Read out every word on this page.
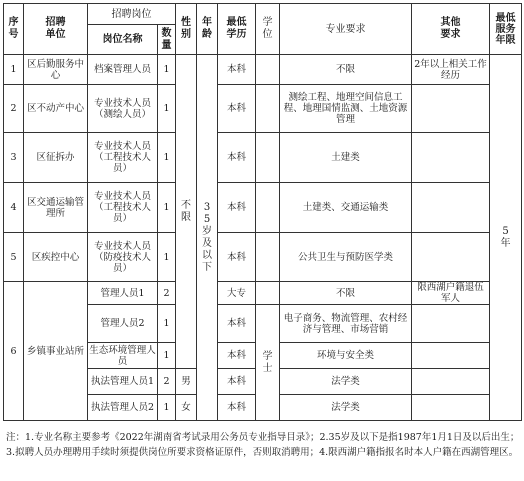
序号	招聘单位	招聘岗位		性别	年龄	最低学历	学位	专业要求	其他要求	最低服务年限

		岗位名称	数量							

1	区后勤服务中心	档案管理人员	1	不限	35岁及以下	本科		不限	2年以上相关工作经历	5年

2	区不动产中心	专业技术人员（测绘人员）	1			本科		测绘工程、地理空间信息工程、地理国情监测、土地资源管理		
3	区征拆办	专业技术人员（工程技术人员）	1			本科		土建类		
4	区交通运输管理所	专业技术人员（工程技术人员）	1			本科		土建类、交通运输类		
5	区疾控中心	专业技术人员（防疫技术人员）	1			本科		公共卫生与预防医学类		
6	乡镇事业站所	管理人员1	2			大专		不限	限西湖户籍退伍军人	
		管理人员2	1			本科	学士	电子商务、物流管理、农村经济与管理、市场营销		
		生态环境管理人员	1			本科		环境与安全类		
		执法管理人员1	2	男		本科		法学类		
		执法管理人员2	1	女		本科		法学类		
注：1.专业名称主要参考《2022年湖南省考试录用公务员专业指导目录》；2.35岁及以下是指1987年1月1日及以后出生；3.拟聘人员办理聘用手续时须提供岗位所要求资格证原件，否则取消聘用；4.限西湖户籍指报名时本人户籍在西湖管理区。
